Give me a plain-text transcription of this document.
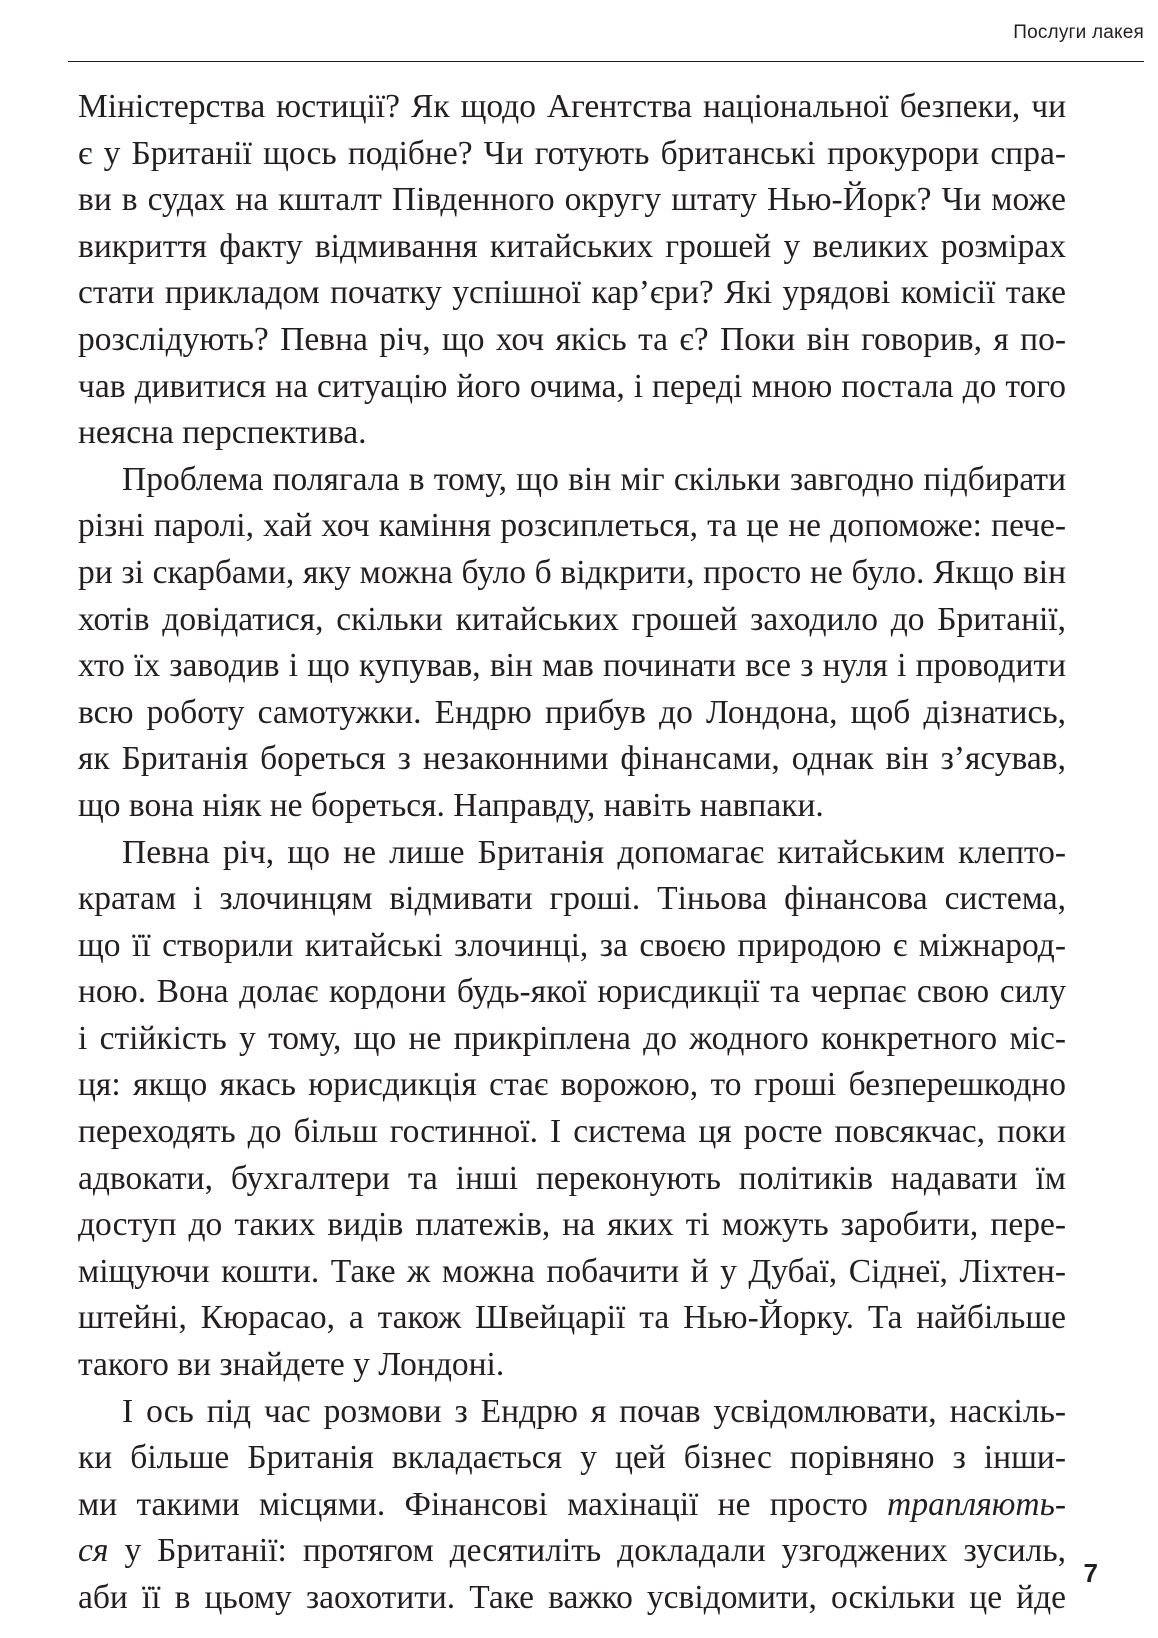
Послуги лакея
Міністерства юстиції? Як щодо Агентства національної безпеки, чи
є у Британії щось подібне? Чи готують британські прокурори спра-
ви в судах на кшталт Південного округу штату Нью-Йорк? Чи може
викриття факту відмивання китайських грошей у великих розмірах
стати прикладом початку успішної кар’єри? Які урядові комісії таке
розслідують? Певна річ, що хоч якісь та є? Поки він говорив, я по-
чав дивитися на ситуацію його очима, і переді мною постала до того
неясна перспектива.
Проблема полягала в тому, що він міг скільки завгодно підбирати
різні паролі, хай хоч каміння розсиплеться, та це не допоможе: пече-
ри зі скарбами, яку можна було б відкрити, просто не було. Якщо він
хотів довідатися, скільки китайських грошей заходило до Британії,
хто їх заводив і що купував, він мав починати все з нуля і проводити
всю роботу самотужки. Ендрю прибув до Лондона, щоб дізнатись,
як Британія бореться з незаконними фінансами, однак він з’ясував,
що вона ніяк не бореться. Направду, навіть навпаки.
Певна річ, що не лише Британія допомагає китайським клепто-
кратам і злочинцям відмивати гроші. Тіньова фінансова система,
що її створили китайські злочинці, за своєю природою є міжнарод-
ною. Вона долає кордони будь-якої юрисдикції та черпає свою силу
і стійкість у тому, що не прикріплена до жодного конкретного міс-
ця: якщо якась юрисдикція стає ворожою, то гроші безперешкодно
переходять до більш гостинної. І система ця росте повсякчас, поки
адвокати, бухгалтери та інші переконують політиків надавати їм
доступ до таких видів платежів, на яких ті можуть заробити, пере-
міщуючи кошти. Таке ж можна побачити й у Дубаї, Сіднеї, Ліхтен-
штейні, Кюрасао, а також Швейцарії та Нью-Йорку. Та найбільше
такого ви знайдете у Лондоні.
І ось під час розмови з Ендрю я почав усвідомлювати, наскіль-
ки більше Британія вкладається у цей бізнес порівняно з інши-
ми такими місцями. Фінансові махінації не просто трапляють-
ся у Британії: протягом десятиліть докладали узгоджених зусиль,
аби її в цьому заохотити. Таке важко усвідомити, оскільки це йде
7
